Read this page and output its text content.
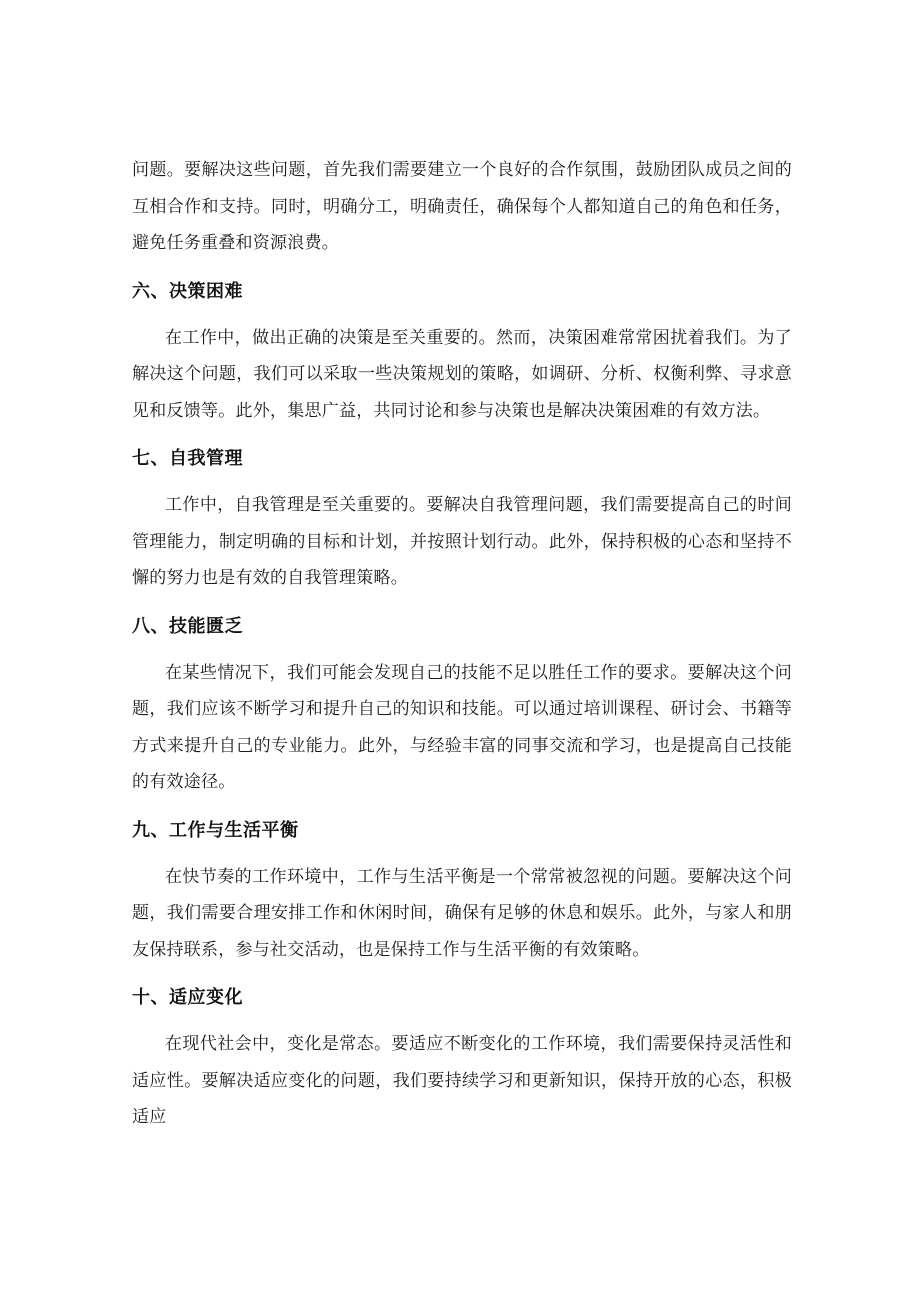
问题。要解决这些问题，首先我们需要建立一个良好的合作氛围，鼓励团队成员之间的互相合作和支持。同时，明确分工，明确责任，确保每个人都知道自己的角色和任务，避免任务重叠和资源浪费。

六、决策困难

在工作中，做出正确的决策是至关重要的。然而，决策困难常常困扰着我们。为了解决这个问题，我们可以采取一些决策规划的策略，如调研、分析、权衡利弊、寻求意见和反馈等。此外，集思广益，共同讨论和参与决策也是解决决策困难的有效方法。

七、自我管理

工作中，自我管理是至关重要的。要解决自我管理问题，我们需要提高自己的时间管理能力，制定明确的目标和计划，并按照计划行动。此外，保持积极的心态和坚持不懈的努力也是有效的自我管理策略。

八、技能匮乏

在某些情况下，我们可能会发现自己的技能不足以胜任工作的要求。要解决这个问题，我们应该不断学习和提升自己的知识和技能。可以通过培训课程、研讨会、书籍等方式来提升自己的专业能力。此外，与经验丰富的同事交流和学习，也是提高自己技能的有效途径。

九、工作与生活平衡

在快节奏的工作环境中，工作与生活平衡是一个常常被忽视的问题。要解决这个问题，我们需要合理安排工作和休闲时间，确保有足够的休息和娱乐。此外，与家人和朋友保持联系，参与社交活动，也是保持工作与生活平衡的有效策略。

十、适应变化

在现代社会中，变化是常态。要适应不断变化的工作环境，我们需要保持灵活性和适应性。要解决适应变化的问题，我们要持续学习和更新知识，保持开放的心态，积极适应
